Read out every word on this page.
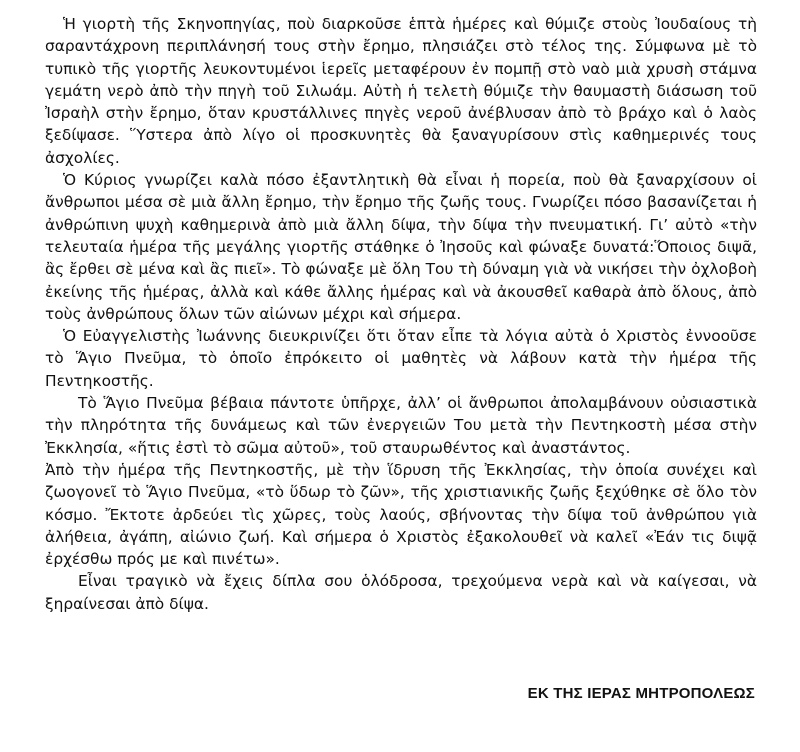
Ἡ γιορτὴ τῆς Σκηνοπηγίας, ποὺ διαρκοῦσε ἑπτὰ ἡμέρες καὶ θύμιζε στοὺς Ἰουδαίους τὴ σαραντάχρονη περιπλάνησή τους στὴν ἔρημο, πλησιάζει στὸ τέλος της. Σύμφωνα μὲ τὸ τυπικὸ τῆς γιορτῆς λευκοντυμένοι ἱερεῖς μεταφέρουν ἐν πομπῇ στὸ ναὸ μιὰ χρυσὴ στάμνα γεμάτη νερὸ ἀπὸ τὴν πηγὴ τοῦ Σιλωάμ. Αὐτὴ ἡ τελετὴ θύμιζε τὴν θαυμαστὴ διάσωση τοῦ Ἰσραὴλ στὴν ἔρημο, ὅταν κρυστάλλινες πηγὲς νεροῦ ἀνέβλυσαν ἀπὸ τὸ βράχο καὶ ὁ λαὸς ξεδίψασε. Ὕστερα ἀπὸ λίγο οἱ προσκυνητὲς θὰ ξαναγυρίσουν στὶς καθημερινές τους ἀσχολίες.

Ὁ Κύριος γνωρίζει καλὰ πόσο ἐξαντλητικὴ θὰ εἶναι ἡ πορεία, ποὺ θὰ ξαναρχίσουν οἱ ἄνθρωποι μέσα σὲ μιὰ ἄλλη ἔρημο, τὴν ἔρημο τῆς ζωῆς τους. Γνωρίζει πόσο βασανίζεται ἡ ἀνθρώπινη ψυχὴ καθημερινὰ ἀπὸ μιὰ ἄλλη δίψα, τὴν δίψα τὴν πνευματική. Γι’ αὐτὸ «τὴν τελευταία ἡμέρα τῆς μεγάλης γιορτῆς στάθηκε ὁ Ἰησοῦς καὶ φώναξε δυνατά:Ὅποιος διψᾶ, ἂς ἔρθει σὲ μένα καὶ ἂς πιεῖ». Τὸ φώναξε μὲ ὅλη Του τὴ δύναμη γιὰ νὰ νικήσει τὴν ὀχλοβοὴ ἐκείνης τῆς ἡμέρας, ἀλλὰ καὶ κάθε ἄλλης ἡμέρας καὶ νὰ ἀκουσθεῖ καθαρὰ ἀπὸ ὅλους, ἀπὸ τοὺς ἀνθρώπους ὅλων τῶν αἰώνων μέχρι καὶ σήμερα.

Ὁ Εὐαγγελιστὴς Ἰωάννης διευκρινίζει ὅτι ὅταν εἶπε τὰ λόγια αὐτὰ ὁ Χριστὸς ἐννοοῦσε τὸ Ἅγιο Πνεῦμα, τὸ ὁποῖο ἐπρόκειτο οἱ μαθητὲς νὰ λάβουν κατὰ τὴν ἡμέρα τῆς Πεντηκοστῆς.

Τὸ Ἅγιο Πνεῦμα βέβαια πάντοτε ὑπῆρχε, ἀλλ’ οἱ ἄνθρωποι ἀπολαμβάνουν οὐσιαστικὰ τὴν πληρότητα τῆς δυνάμεως καὶ τῶν ἐνεργειῶν Του μετὰ τὴν Πεντηκοστὴ μέσα στὴν Ἐκκλησία, «ἥτις ἐστὶ τὸ σῶμα αὐτοῦ», τοῦ σταυρωθέντος καὶ ἀναστάντος.

Ἀπὸ τὴν ἡμέρα τῆς Πεντηκοστῆς, μὲ τὴν ἵδρυση τῆς Ἐκκλησίας, τὴν ὁποία συνέχει καὶ ζωογονεῖ τὸ Ἅγιο Πνεῦμα, «τὸ ὕδωρ τὸ ζῶν», τῆς χριστιανικῆς ζωῆς ξεχύθηκε σὲ ὅλο τὸν κόσμο. Ἔκτοτε ἀρδεύει τὶς χῶρες, τοὺς λαούς, σβήνοντας τὴν δίψα τοῦ ἀνθρώπου γιὰ ἀλήθεια, ἀγάπη, αἰώνιο ζωή. Καὶ σήμερα ὁ Χριστὸς ἐξακολουθεῖ νὰ καλεῖ «Ἐάν τις διψᾷ ἐρχέσθω πρός με καὶ πινέτω».

Εἶναι τραγικὸ νὰ ἔχεις δίπλα σου ὁλόδροσα, τρεχούμενα νερὰ καὶ νὰ καίγεσαι, νὰ ξηραίνεσαι ἀπὸ δίψα.

ΕΚ ΤΗΣ ΙΕΡΑΣ ΜΗΤΡΟΠΟΛΕΩΣ
